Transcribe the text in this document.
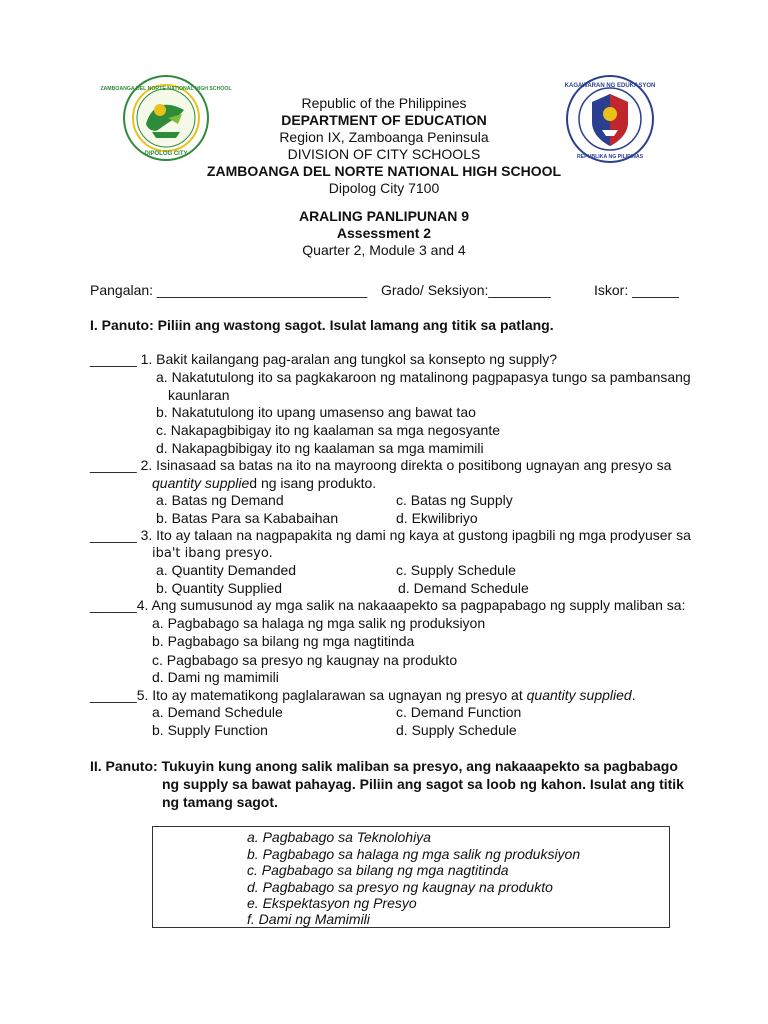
ZAMBOANGA DEL NORTE NATIONAL HIGH SCHOOL
DIPOLOG CITY
KAGAWARAN NG EDUKASYON
REPUBLIKA NG PILIPINAS
Republic of the Philippines
DEPARTMENT OF EDUCATION
Region IX, Zamboanga Peninsula
DIVISION OF CITY SCHOOLS
ZAMBOANGA DEL NORTE NATIONAL HIGH SCHOOL
Dipolog City 7100
ARALING PANLIPUNAN 9
Assessment 2
Quarter 2, Module 3 and 4
Pangalan: ___________________________ Grado/ Seksiyon:________	Iskor: ______
I. Panuto: Piliin ang wastong sagot. Isulat lamang ang titik sa patlang.
______ 1. Bakit kailangang pag-aralan ang tungkol sa konsepto ng supply?
a. Nakatutulong ito sa pagkakaroon ng matalinong pagpapasya tungo sa pambansang
kaunlaran
b. Nakatutulong ito upang umasenso ang bawat tao
c. Nakapagbibigay ito ng kaalaman sa mga negosyante
d. Nakapagbibigay ito ng kaalaman sa mga mamimili
______ 2. Isinasaad sa batas na ito na mayroong direkta o positibong ugnayan ang presyo sa
quantity supplied ng isang produkto.
a. Batas ng Demand	c. Batas ng Supply
b. Batas Para sa Kababaihan	d. Ekwilibriyo
______ 3. Ito ay talaan na nagpapakita ng dami ng kaya at gustong ipagbili ng mga prodyuser sa
iba't ibang presyo.
a. Quantity Demanded	c. Supply Schedule
b. Quantity Supplied	d. Demand Schedule
______4. Ang sumusunod ay mga salik na nakaaapekto sa pagpapabago ng supply maliban sa:
a. Pagbabago sa halaga ng mga salik ng produksiyon
b. Pagbabago sa bilang ng mga nagtitinda
c. Pagbabago sa presyo ng kaugnay na produkto
d. Dami ng mamimili
______5. Ito ay matematikong paglalarawan sa ugnayan ng presyo at quantity supplied.
a. Demand Schedule	c. Demand Function
b. Supply Function	d. Supply Schedule
II. Panuto: Tukuyin kung anong salik maliban sa presyo, ang nakaaapekto sa pagbabago
ng supply sa bawat pahayag. Piliin ang sagot sa loob ng kahon. Isulat ang titik
ng tamang sagot.
a. Pagbabago sa Teknolohiya
b. Pagbabago sa halaga ng mga salik ng produksiyon
c. Pagbabago sa bilang ng mga nagtitinda
d. Pagbabago sa presyo ng kaugnay na produkto
e. Ekspektasyon ng Presyo
f. Dami ng Mamimili
